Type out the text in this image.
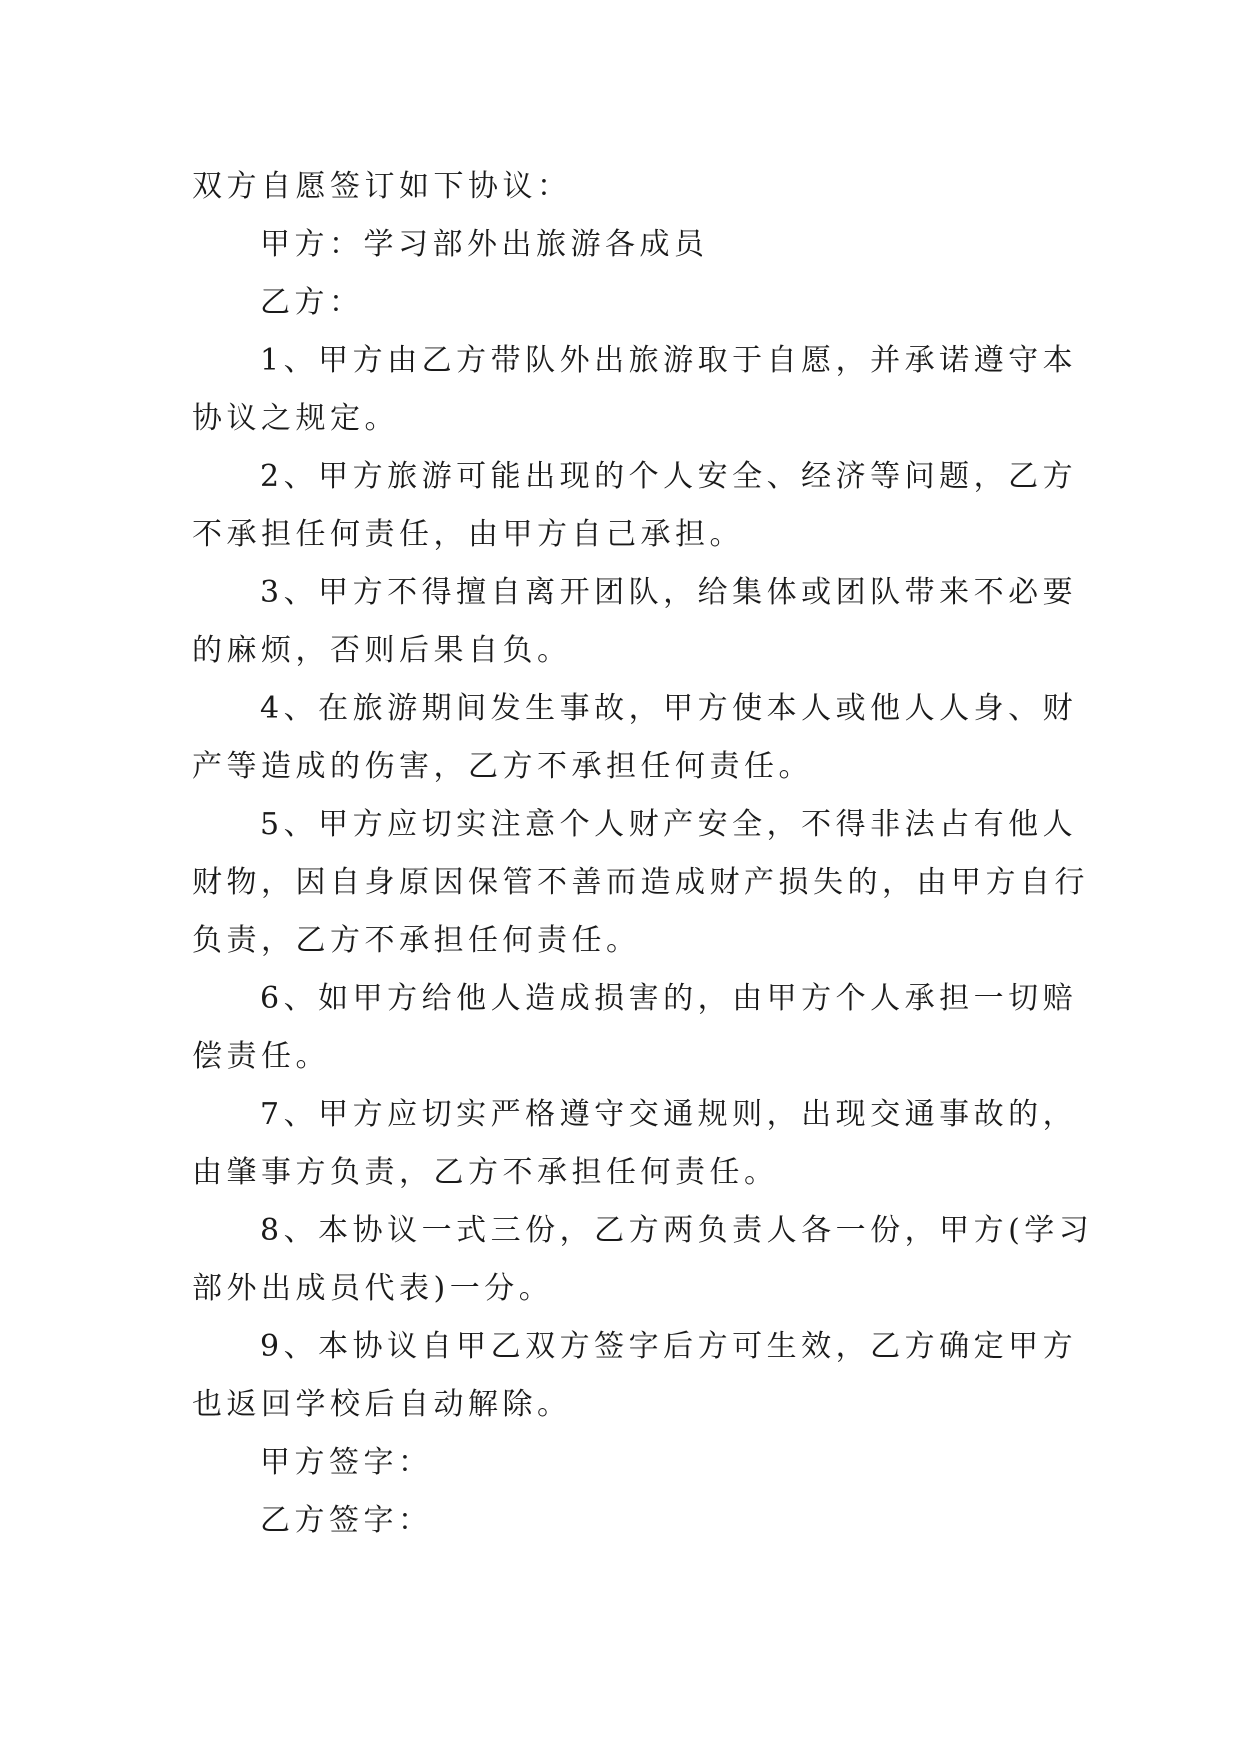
双方自愿签订如下协议：
甲方：学习部外出旅游各成员
乙方：
1、甲方由乙方带队外出旅游取于自愿，并承诺遵守本
协议之规定。
2、甲方旅游可能出现的个人安全、经济等问题，乙方
不承担任何责任，由甲方自己承担。
3、甲方不得擅自离开团队，给集体或团队带来不必要
的麻烦，否则后果自负。
4、在旅游期间发生事故，甲方使本人或他人人身、财
产等造成的伤害，乙方不承担任何责任。
5、甲方应切实注意个人财产安全，不得非法占有他人
财物，因自身原因保管不善而造成财产损失的，由甲方自行
负责，乙方不承担任何责任。
6、如甲方给他人造成损害的，由甲方个人承担一切赔
偿责任。
7、甲方应切实严格遵守交通规则，出现交通事故的，
由肇事方负责，乙方不承担任何责任。
8、本协议一式三份，乙方两负责人各一份，甲方(学习
部外出成员代表)一分。
9、本协议自甲乙双方签字后方可生效，乙方确定甲方
也返回学校后自动解除。
甲方签字：
乙方签字：
